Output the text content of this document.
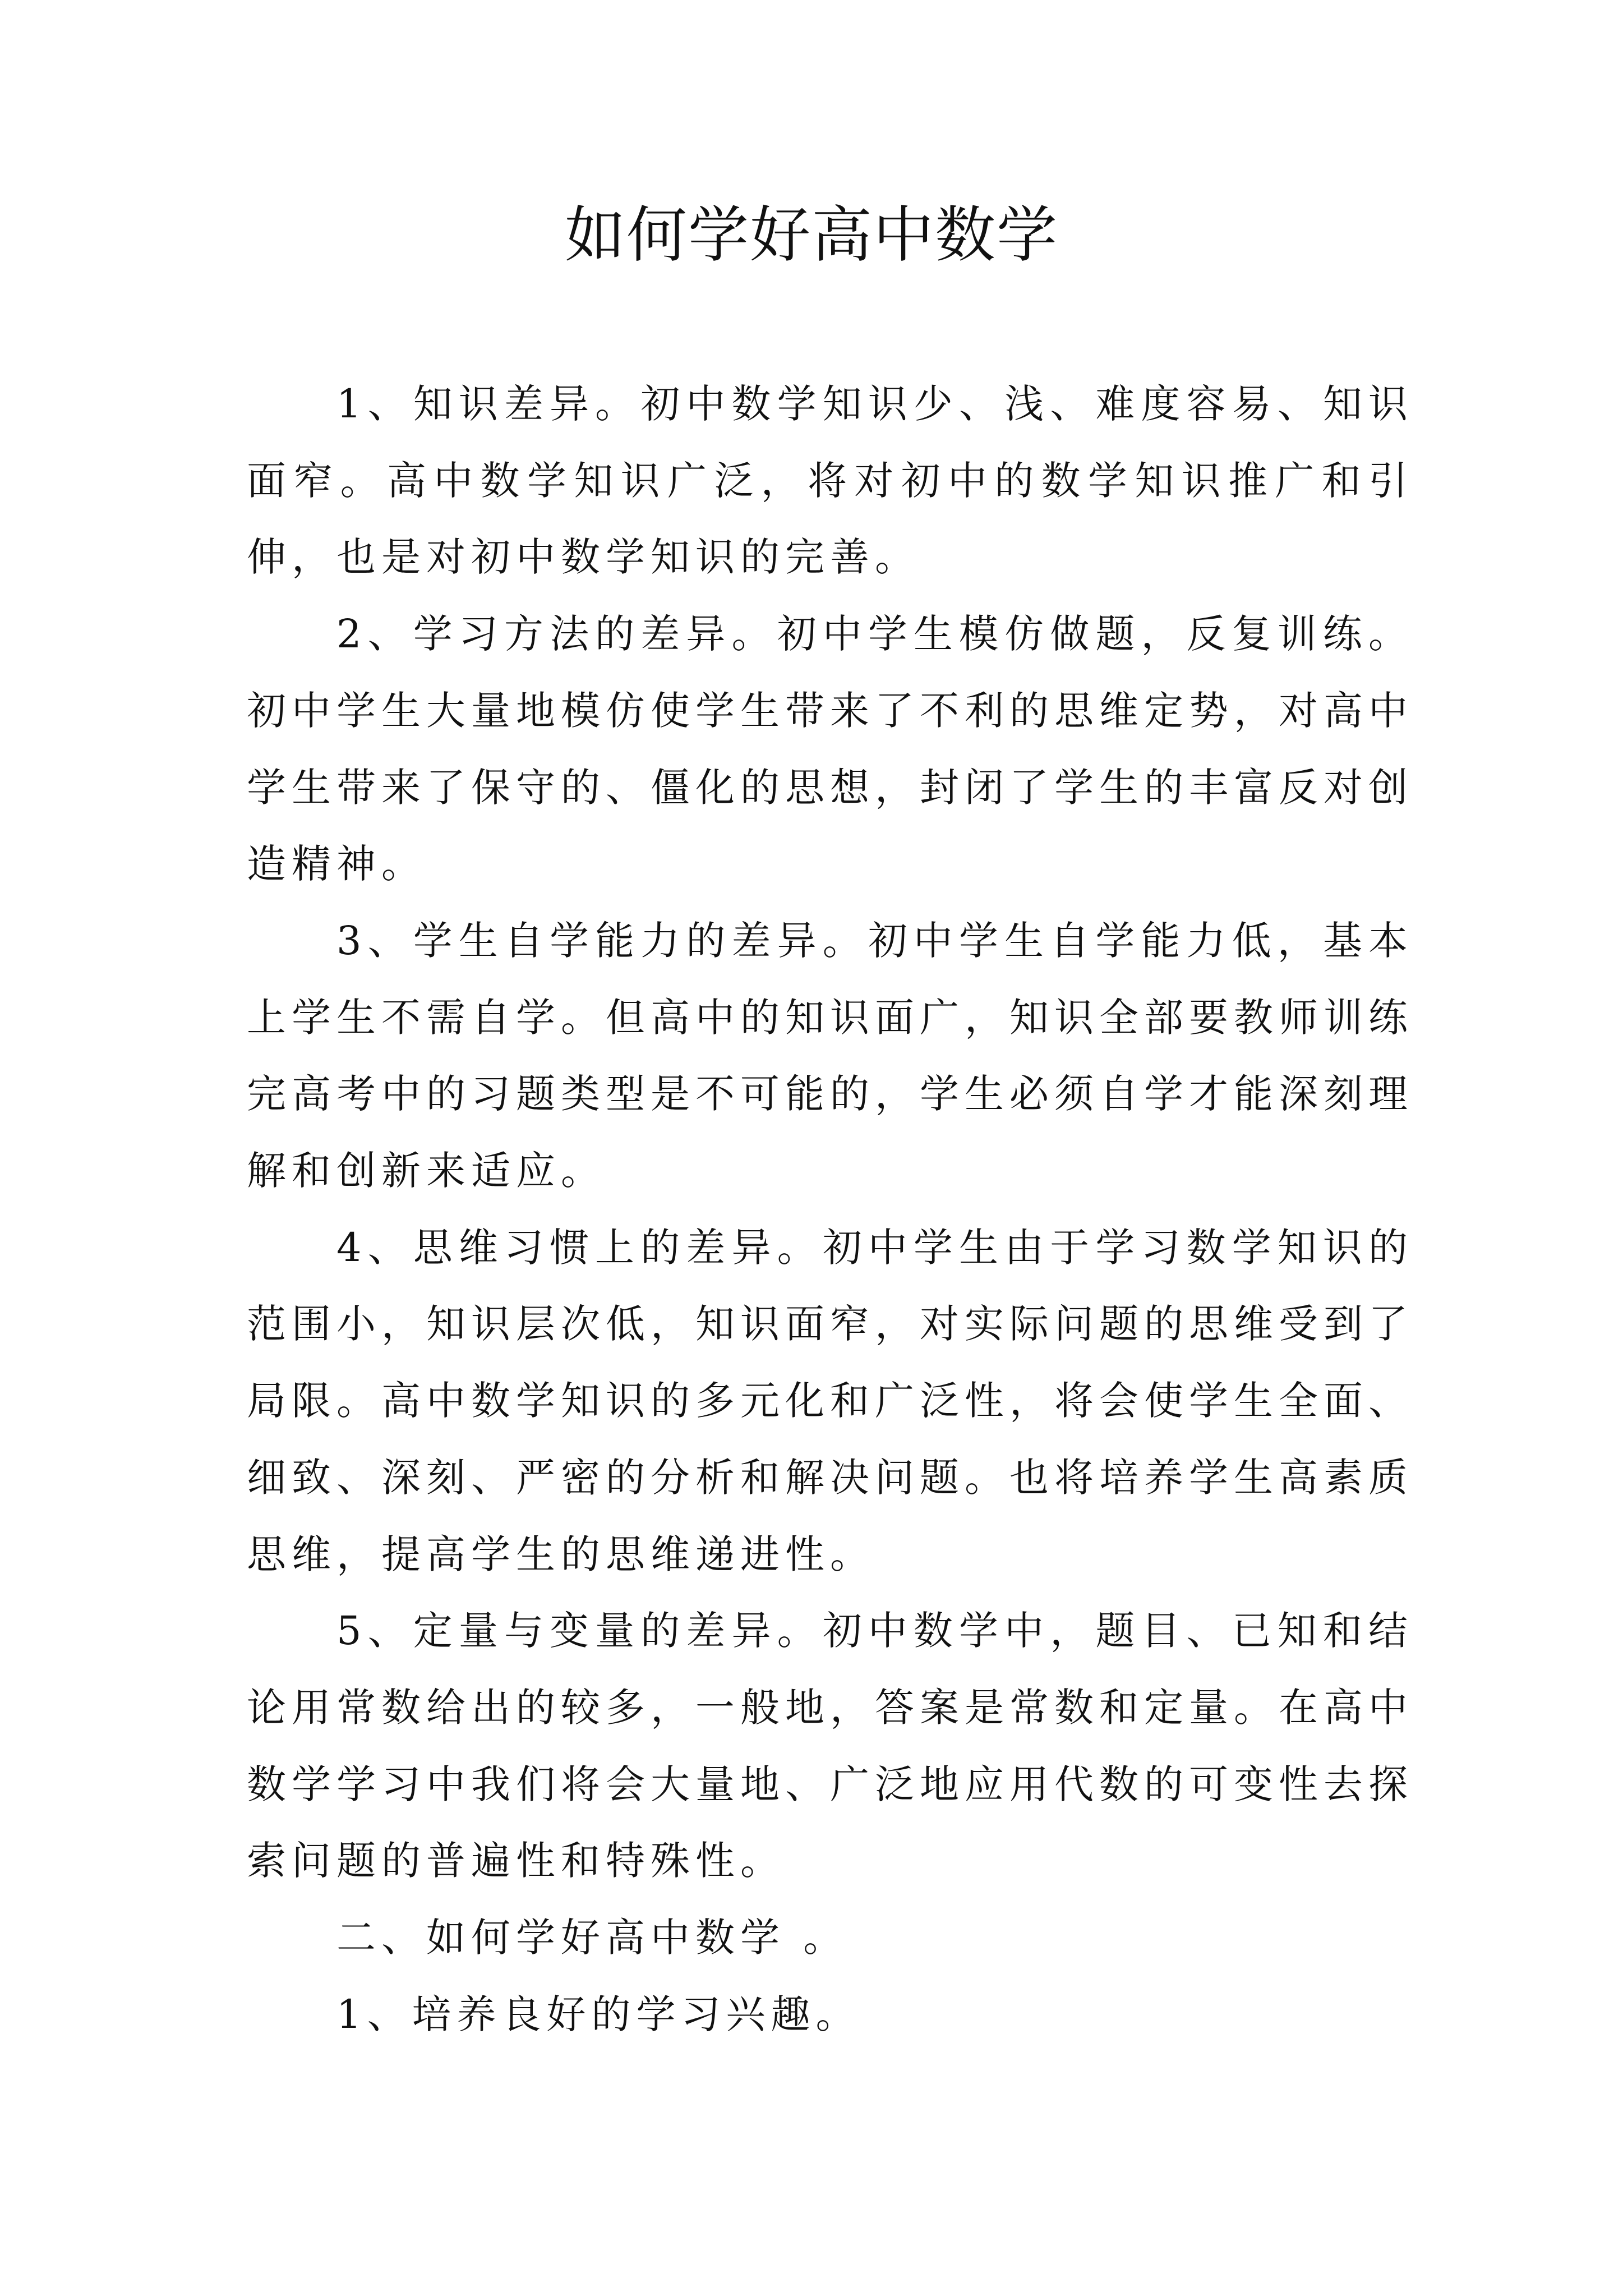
如何学好高中数学

1、知识差异。初中数学知识少、浅、难度容易、知识面窄。高中数学知识广泛，将对初中的数学知识推广和引伸，也是对初中数学知识的完善。

2、学习方法的差异。初中学生模仿做题，反复训练。初中学生大量地模仿使学生带来了不利的思维定势，对高中学生带来了保守的、僵化的思想，封闭了学生的丰富反对创造精神。

3、学生自学能力的差异。初中学生自学能力低，基本上学生不需自学。但高中的知识面广，知识全部要教师训练完高考中的习题类型是不可能的，学生必须自学才能深刻理解和创新来适应。

4、思维习惯上的差异。初中学生由于学习数学知识的范围小，知识层次低，知识面窄，对实际问题的思维受到了局限。高中数学知识的多元化和广泛性，将会使学生全面、细致、深刻、严密的分析和解决问题。也将培养学生高素质思维，提高学生的思维递进性。

5、定量与变量的差异。初中数学中，题目、已知和结论用常数给出的较多，一般地，答案是常数和定量。在高中数学学习中我们将会大量地、广泛地应用代数的可变性去探索问题的普遍性和特殊性。

二、如何学好高中数学 。

1、培养良好的学习兴趣。
